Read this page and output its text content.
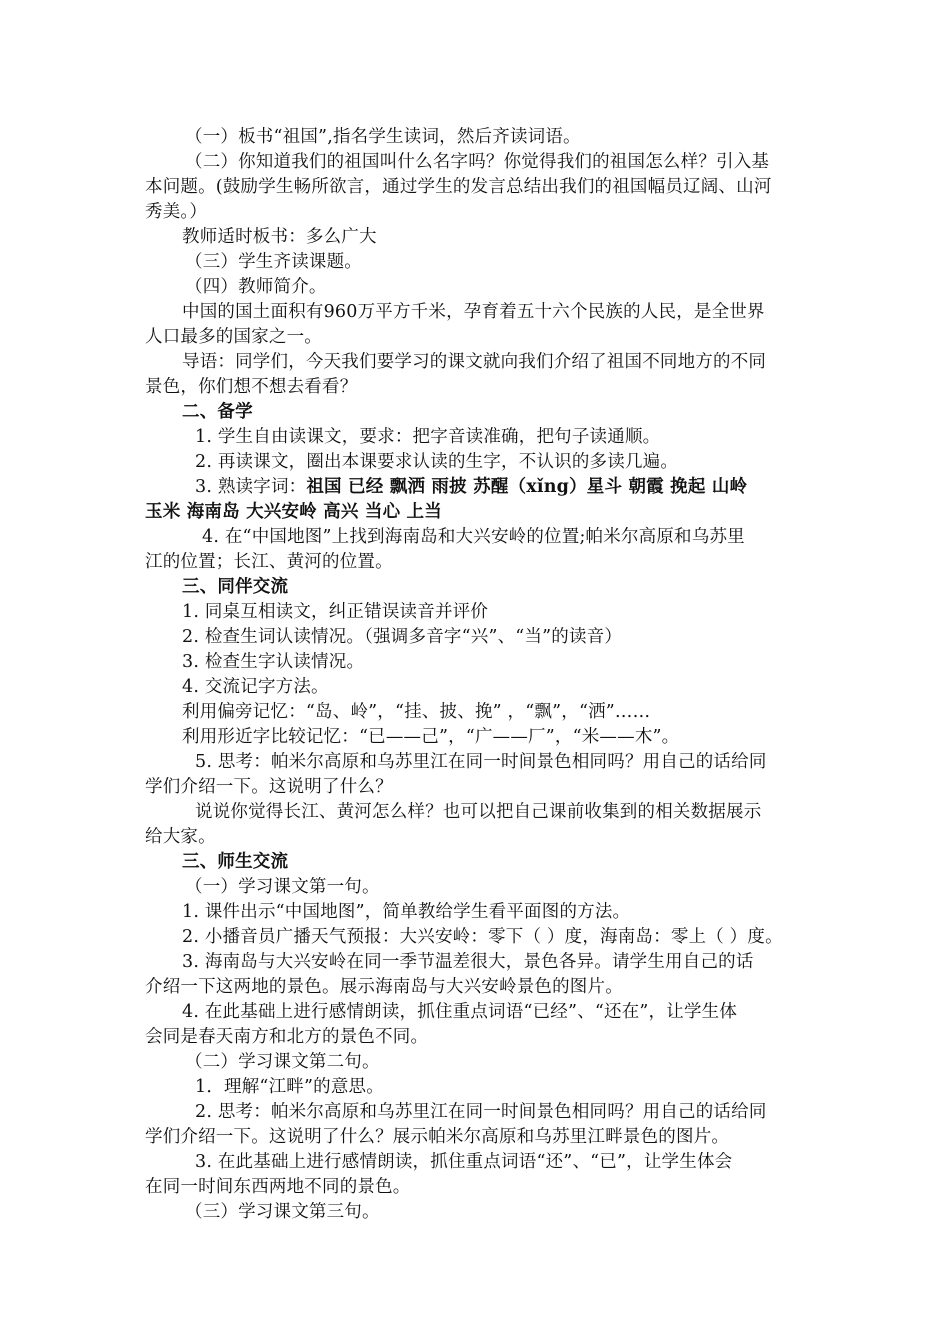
（一）板书“祖国”,指名学生读词，然后齐读词语。
（二）你知道我们的祖国叫什么名字吗？你觉得我们的祖国怎么样？引入基
本问题。(鼓励学生畅所欲言，通过学生的发言总结出我们的祖国幅员辽阔、山河
秀美。）
教师适时板书：多么广大
（三）学生齐读课题。
（四）教师简介。
中国的国土面积有960万平方千米，孕育着五十六个民族的人民，是全世界
人口最多的国家之一。
导语：同学们，今天我们要学习的课文就向我们介绍了祖国不同地方的不同
景色，你们想不想去看看？
二、备学
1. 学生自由读课文，要求：把字音读准确，把句子读通顺。
2. 再读课文，圈出本课要求认读的生字，不认识的多读几遍。
3. 熟读字词：祖国 已经 飘洒 雨披 苏醒（xǐng）星斗 朝霞 挽起 山岭
玉米 海南岛 大兴安岭 高兴 当心 上当
4. 在“中国地图”上找到海南岛和大兴安岭的位置;帕米尔高原和乌苏里
江的位置；长江、黄河的位置。
三、同伴交流
1. 同桌互相读文，纠正错误读音并评价
2. 检查生词认读情况。（强调多音字“兴”、“当”的读音）
3. 检查生字认读情况。
4. 交流记字方法。
利用偏旁记忆：“岛、岭”，“挂、披、挽” ，“飘”，“洒”……
利用形近字比较记忆：“已——己”，“广——厂”，“米——木”。
5. 思考：帕米尔高原和乌苏里江在同一时间景色相同吗？用自己的话给同
学们介绍一下。这说明了什么？
说说你觉得长江、黄河怎么样？也可以把自己课前收集到的相关数据展示
给大家。
三、师生交流
（一）学习课文第一句。
1. 课件出示“中国地图”，简单教给学生看平面图的方法。
2. 小播音员广播天气预报：大兴安岭：零下（ ）度，海南岛：零上（ ）度。
3. 海南岛与大兴安岭在同一季节温差很大，景色各异。请学生用自己的话
介绍一下这两地的景色。展示海南岛与大兴安岭景色的图片。
4. 在此基础上进行感情朗读，抓住重点词语“已经”、“还在”，让学生体
会同是春天南方和北方的景色不同。
（二）学习课文第二句。
1．理解“江畔”的意思。
2. 思考：帕米尔高原和乌苏里江在同一时间景色相同吗？用自己的话给同
学们介绍一下。这说明了什么？展示帕米尔高原和乌苏里江畔景色的图片。
3. 在此基础上进行感情朗读，抓住重点词语“还”、“已”，让学生体会
在同一时间东西两地不同的景色。
（三）学习课文第三句。
